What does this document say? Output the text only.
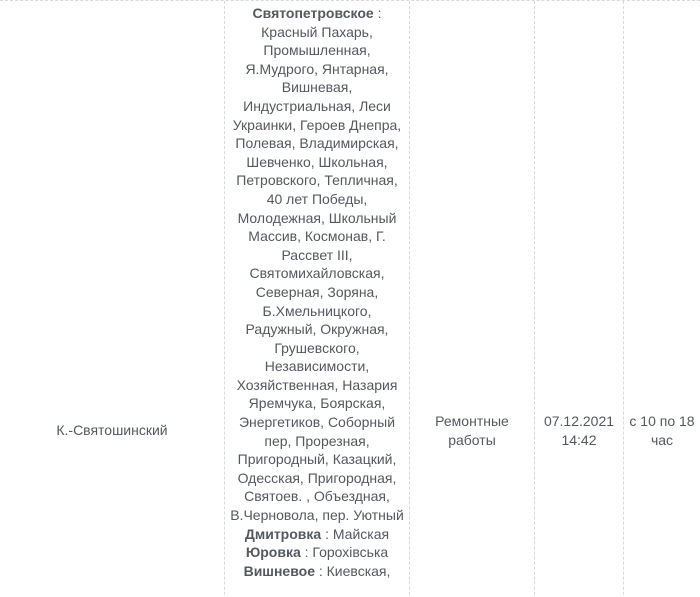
К.-Святошинский
Святопетровское : Красный Пахарь, Промышленная, Я.Мудрого, Янтарная, Вишневая, Индустриальная, Леси Украинки, Героев Днепра, Полевая, Владимирская, Шевченко, Школьная, Петровского, Тепличная, 40 лет Победы, Молодежная, Школьный Массив, Космонав, Г. Рассвет III, Святомихайловская, Северная, Зоряна, Б.Хмельницкого, Радужный, Окружная, Грушевского, Независимости, Хозяйственная, Назария Яремчука, Боярская, Энергетиков, Соборный пер, Прорезная, Пригородный, Казацкий, Одесская, Пригородная, Святоев. , Объездная, В.Черновола, пер. Уютный
Дмитровка : Майская
Юровка : Горохівська
Вишневое : Киевская,
Ремонтные работы
07.12.2021 14:42
с 10 по 18 час
